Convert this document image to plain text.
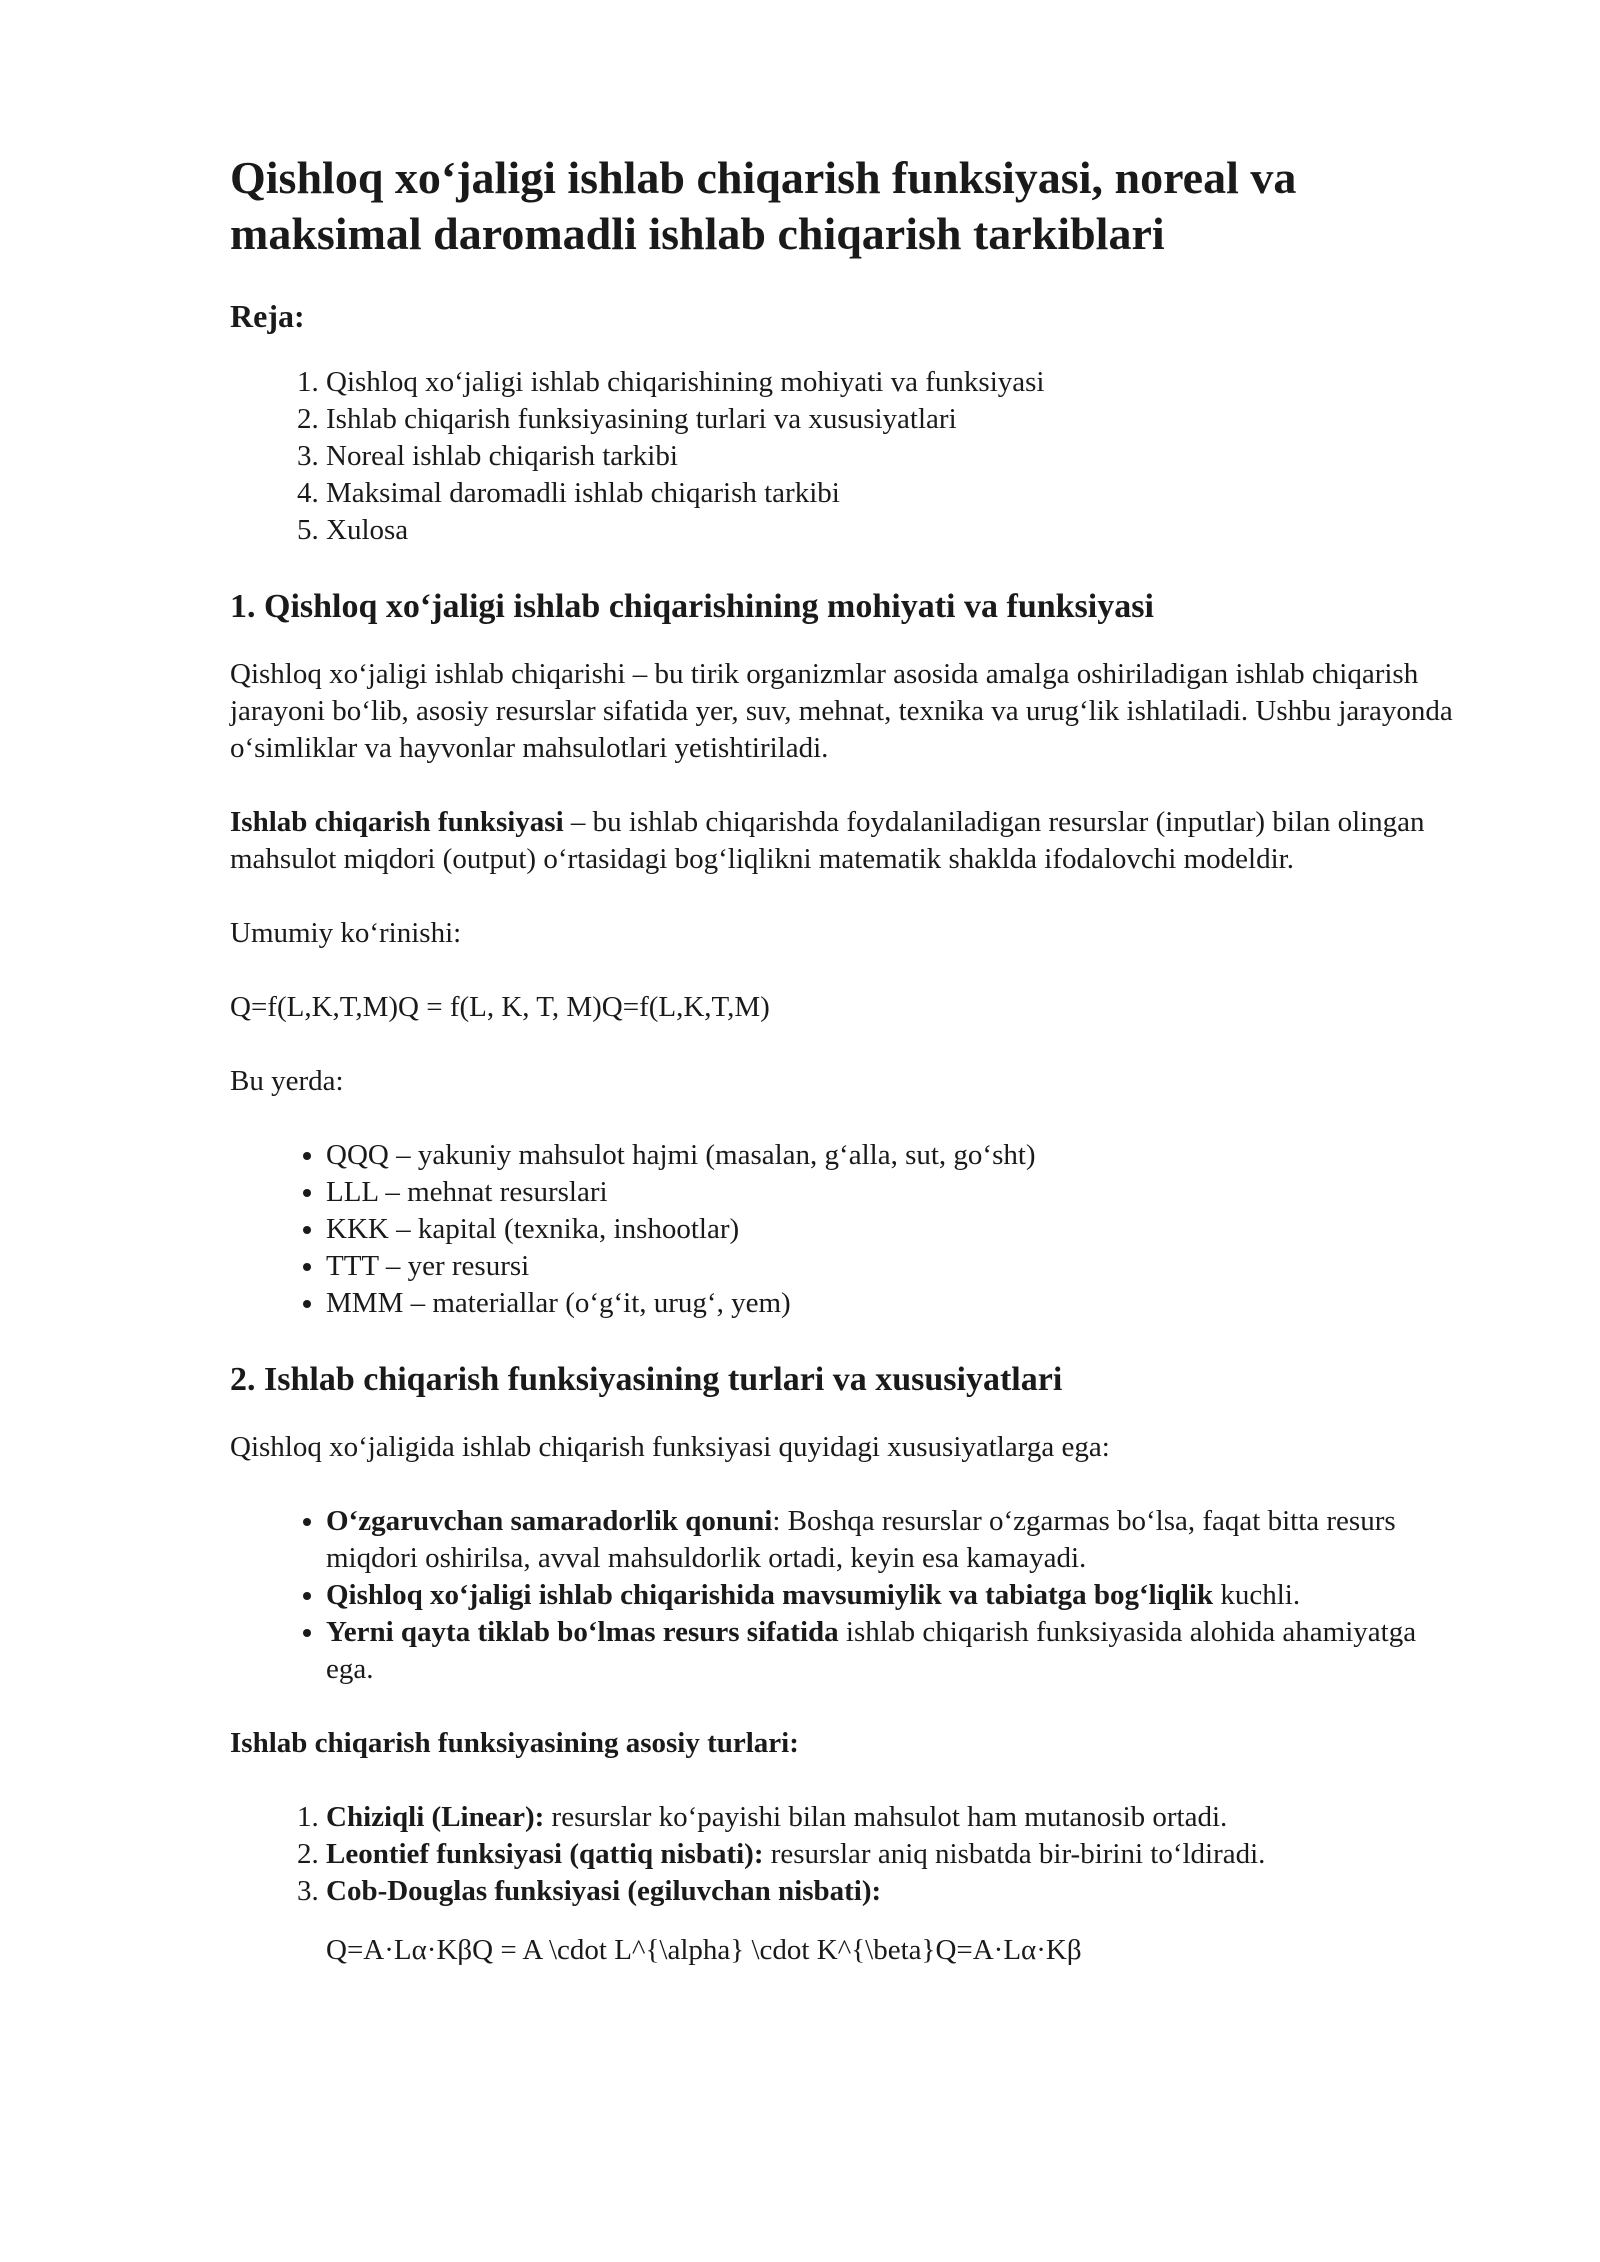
Qishloq xo‘jaligi ishlab chiqarish funksiyasi, noreal va maksimal daromadli ishlab chiqarish tarkiblari
Reja:
1. Qishloq xo‘jaligi ishlab chiqarishining mohiyati va funksiyasi
2. Ishlab chiqarish funksiyasining turlari va xususiyatlari
3. Noreal ishlab chiqarish tarkibi
4. Maksimal daromadli ishlab chiqarish tarkibi
5. Xulosa
1. Qishloq xo‘jaligi ishlab chiqarishining mohiyati va funksiyasi

Qishloq xo‘jaligi ishlab chiqarishi – bu tirik organizmlar asosida amalga oshiriladigan ishlab chiqarish jarayoni bo‘lib, asosiy resurslar sifatida yer, suv, mehnat, texnika va urug‘lik ishlatiladi. Ushbu jarayonda o‘simliklar va hayvonlar mahsulotlari yetishtiriladi.

Ishlab chiqarish funksiyasi – bu ishlab chiqarishda foydalaniladigan resurslar (inputlar) bilan olingan mahsulot miqdori (output) o‘rtasidagi bog‘liqlikni matematik shaklda ifodalovchi modeldir.

Umumiy ko‘rinishi:

Q=f(L,K,T,M)Q = f(L, K, T, M)Q=f(L,K,T,M)

Bu yerda:

• QQQ – yakuniy mahsulot hajmi (masalan, g‘alla, sut, go‘sht)
• LLL – mehnat resurslari
• KKK – kapital (texnika, inshootlar)
• TTT – yer resursi
• MMM – materiallar (o‘g‘it, urug‘, yem)
2. Ishlab chiqarish funksiyasining turlari va xususiyatlari

Qishloq xo‘jaligida ishlab chiqarish funksiyasi quyidagi xususiyatlarga ega:

• O‘zgaruvchan samaradorlik qonuni: Boshqa resurslar o‘zgarmas bo‘lsa, faqat bitta resurs miqdori oshirilsa, avval mahsuldorlik ortadi, keyin esa kamayadi.
• Qishloq xo‘jaligi ishlab chiqarishida mavsumiylik va tabiatga bog‘liqlik kuchli.
• Yerni qayta tiklab bo‘lmas resurs sifatida ishlab chiqarish funksiyasida alohida ahamiyatga ega.

Ishlab chiqarish funksiyasining asosiy turlari:

1. Chiziqli (Linear): resurslar ko‘payishi bilan mahsulot ham mutanosib ortadi.
2. Leontief funksiyasi (qattiq nisbati): resurslar aniq nisbatda bir-birini to‘ldiradi.
3. Cob-Douglas funksiyasi (egiluvchan nisbati):

Q=A·Lα·KβQ = A \cdot L^{\alpha} \cdot K^{\beta}Q=A·Lα·Kβ
